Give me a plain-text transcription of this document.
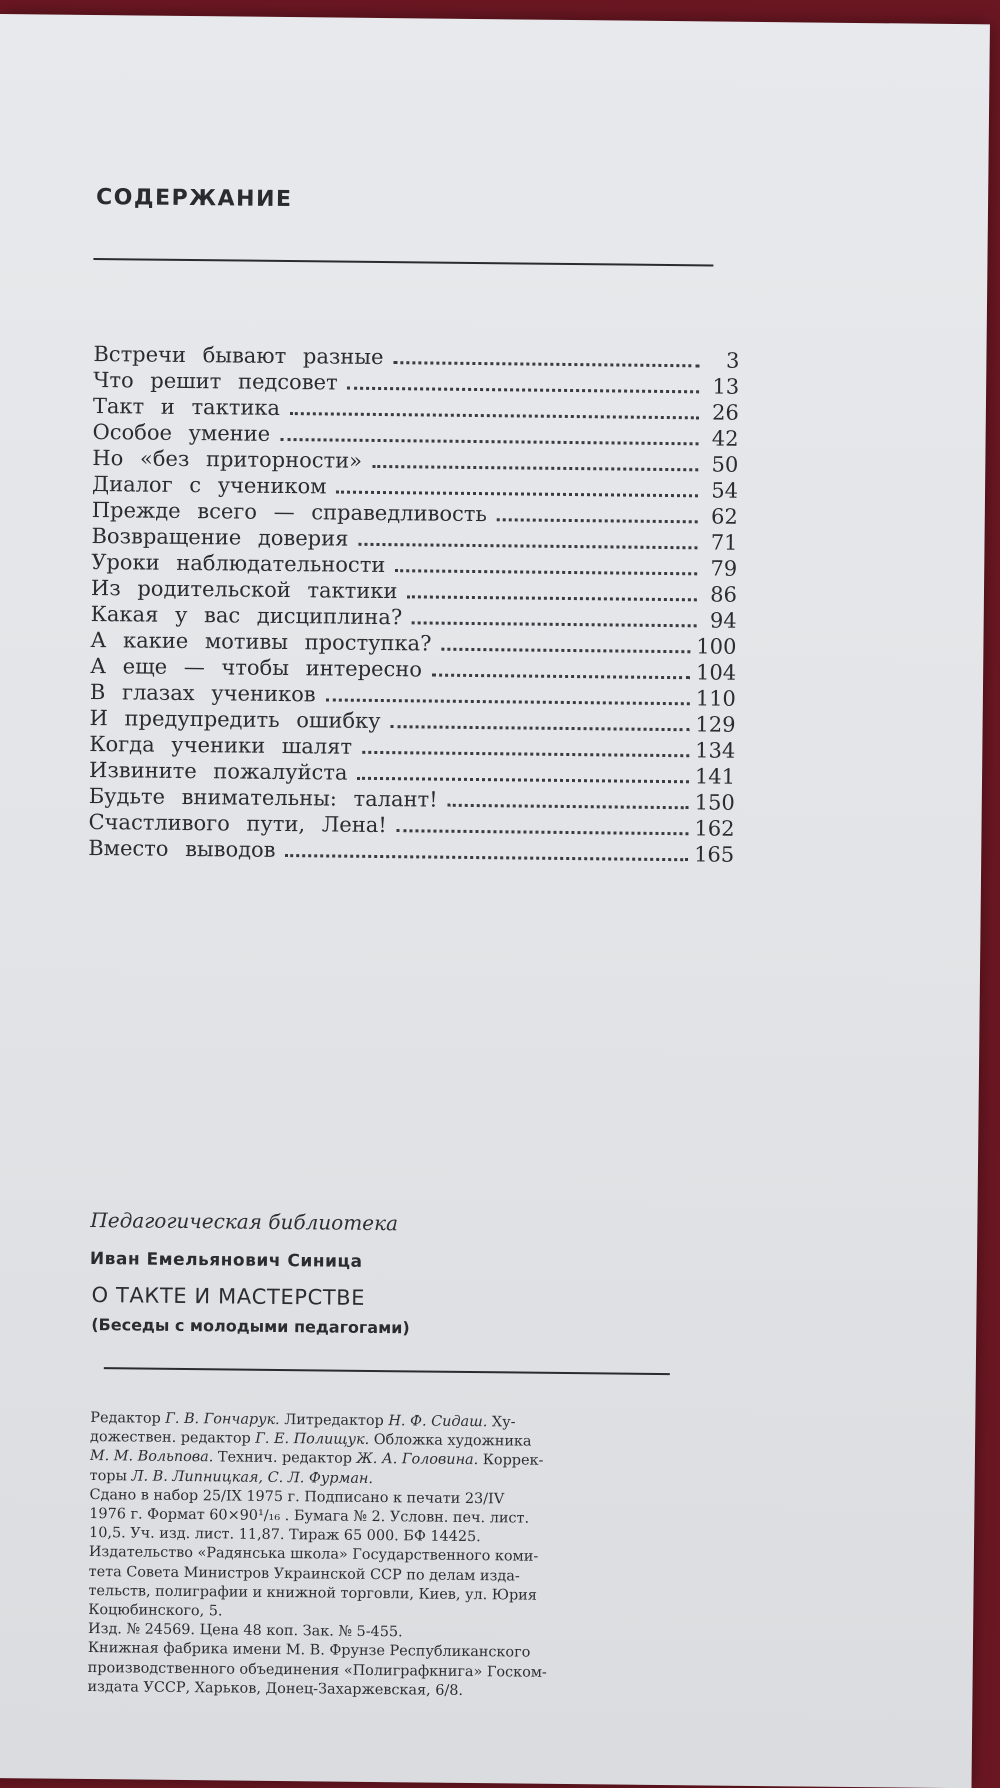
СОДЕРЖАНИЕ
Встречи бывают разные	3
Что решит педсовет	13
Такт и тактика	26
Особое умение	42
Но «без приторности»	50
Диалог с учеником	54
Прежде всего — справедливость	62
Возвращение доверия	71
Уроки наблюдательности	79
Из родительской тактики	86
Какая у вас дисциплина?	94
А какие мотивы проступка?	100
А еще — чтобы интересно	104
В глазах учеников	110
И предупредить ошибку	129
Когда ученики шалят	134
Извините пожалуйста	141
Будьте внимательны: талант!	150
Счастливого пути, Лена!	162
Вместо выводов	165
Педагогическая библиотека
Иван Емельянович Синица
О ТАКТЕ И МАСТЕРСТВЕ
(Беседы с молодыми педагогами)
Редактор Г. В. Гончарук. Литредактор Н. Ф. Сидаш. Ху-
дожествен. редактор Г. Е. Полищук. Обложка художника
М. М. Вольпова. Технич. редактор Ж. А. Головина. Коррек-
торы Л. В. Липницкая, С. Л. Фурман.
Сдано в набор 25/IX 1975 г. Подписано к печати 23/IV
1976 г. Формат 60×90¹/₁₆ . Бумага № 2. Условн. печ. лист.
10,5. Уч. изд. лист. 11,87. Тираж 65 000. БФ 14425.
Издательство «Радянська школа» Государственного коми-
тета Совета Министров Украинской ССР по делам изда-
тельств, полиграфии и книжной торговли, Киев, ул. Юрия
Коцюбинского, 5.
Изд. № 24569. Цена 48 коп. Зак. № 5-455.
Книжная фабрика имени М. В. Фрунзе Республиканского
производственного объединения «Полиграфкнига» Госком-
издата УССР, Харьков, Донец-Захаржевская, 6/8.
